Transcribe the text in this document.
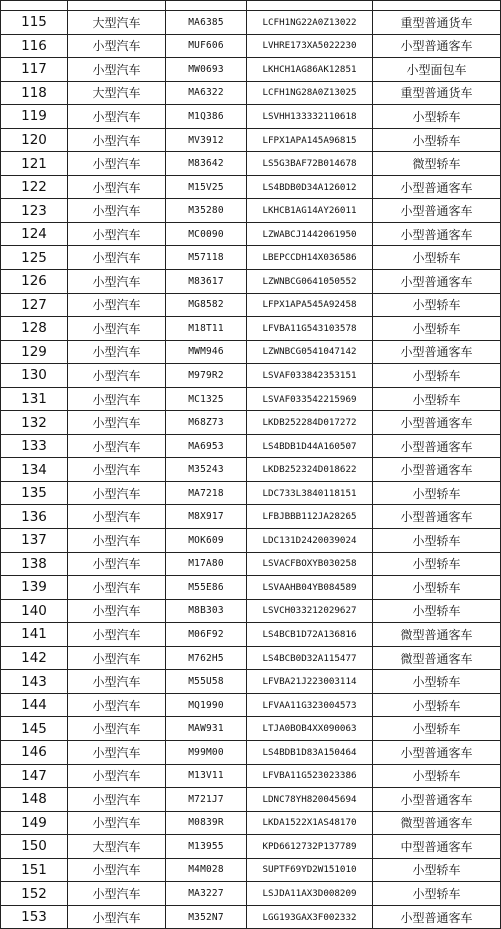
115	大型汽车	MA6385	LCFH1NG22A0Z13022	重型普通货车
116	小型汽车	MUF606	LVHRE173XA5022230	小型普通客车
117	小型汽车	MW0693	LKHCH1AG86AK12851	小型面包车
118	大型汽车	MA6322	LCFH1NG28A0Z13025	重型普通货车
119	小型汽车	M1Q386	LSVHH133332110618	小型轿车
120	小型汽车	MV3912	LFPX1APA145A96815	小型轿车
121	小型汽车	M83642	LS5G3BAF72B014678	微型轿车
122	小型汽车	M15V25	LS4BDB0D34A126012	小型普通客车
123	小型汽车	M35280	LKHCB1AG14AY26011	小型普通客车
124	小型汽车	MC0090	LZWABCJ1442061950	小型普通客车
125	小型汽车	M57118	LBEPCCDH14X036586	小型轿车
126	小型汽车	M83617	LZWNBCG0641050552	小型普通客车
127	小型汽车	MG8582	LFPX1APA545A92458	小型轿车
128	小型汽车	M18T11	LFVBA11G543103578	小型轿车
129	小型汽车	MWM946	LZWNBCG0541047142	小型普通客车
130	小型汽车	M979R2	LSVAF033842353151	小型轿车
131	小型汽车	MC1325	LSVAF033542215969	小型轿车
132	小型汽车	M68Z73	LKDB252284D017272	小型普通客车
133	小型汽车	MA6953	LS4BDB1D44A160507	小型普通客车
134	小型汽车	M35243	LKDB252324D018622	小型普通客车
135	小型汽车	MA7218	LDC733L3840118151	小型轿车
136	小型汽车	M8X917	LFBJBBB112JA28265	小型普通客车
137	小型汽车	MOK609	LDC131D2420039024	小型轿车
138	小型汽车	M17A80	LSVACFBOXYB030258	小型轿车
139	小型汽车	M55E86	LSVAAHB04YB084589	小型轿车
140	小型汽车	M8B303	LSVCH033212029627	小型轿车
141	小型汽车	M06F92	LS4BCB1D72A136816	微型普通客车
142	小型汽车	M762H5	LS4BCB0D32A115477	微型普通客车
143	小型汽车	M55U58	LFVBA21J223003114	小型轿车
144	小型汽车	MQ1990	LFVAA11G323004573	小型轿车
145	小型汽车	MAW931	LTJA0BOB4XX090063	小型轿车
146	小型汽车	M99M00	LS4BDB1D83A150464	小型普通客车
147	小型汽车	M13V11	LFVBA11G523023386	小型轿车
148	小型汽车	M721J7	LDNC78YH820045694	小型普通客车
149	小型汽车	M0839R	LKDA1522X1AS48170	微型普通客车
150	大型汽车	M13955	KPD6612732P137789	中型普通客车
151	小型汽车	M4M028	SUPTF69YD2W151010	小型轿车
152	小型汽车	MA3227	LSJDA11AX3D008209	小型轿车
153	小型汽车	M352N7	LGG193GAX3F002332	小型普通客车
